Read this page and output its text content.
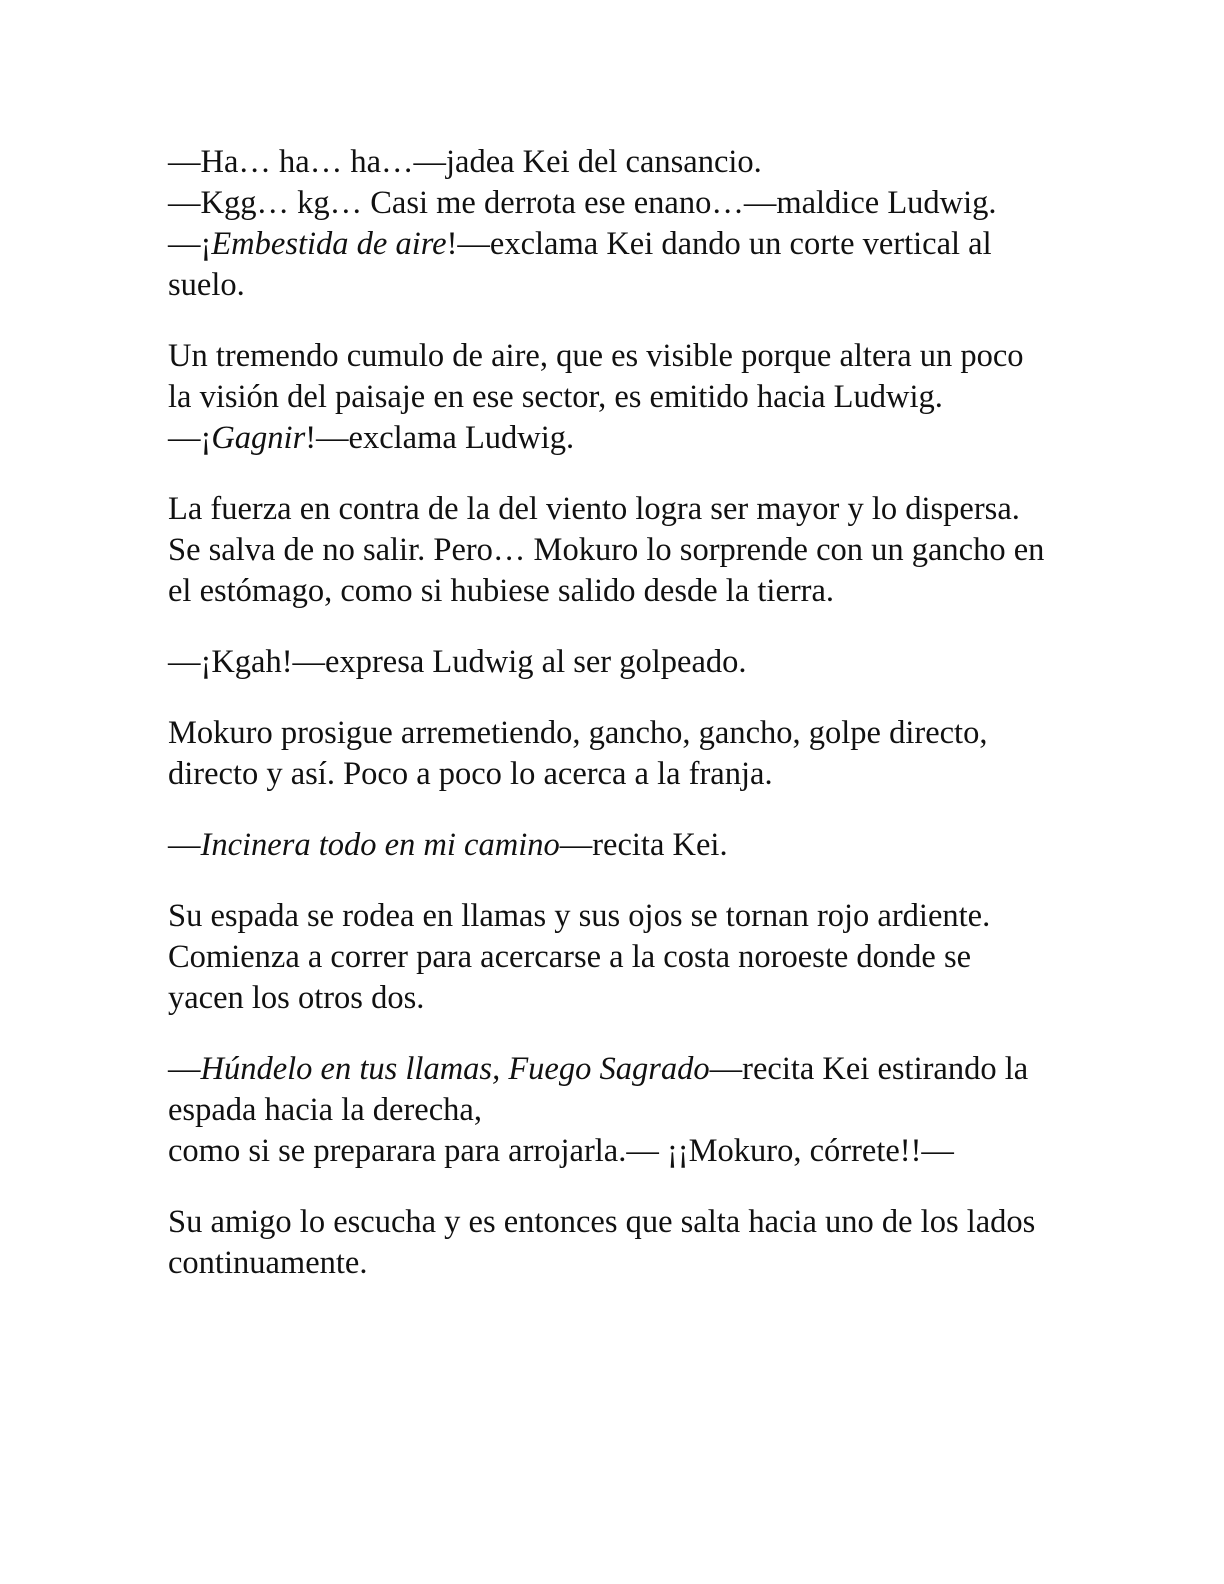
—Ha… ha… ha…—jadea Kei del cansancio.

—Kgg… kg… Casi me derrota ese enano…—maldice Ludwig.

—¡Embestida de aire!—exclama Kei dando un corte vertical al suelo.

Un tremendo cumulo de aire, que es visible porque altera un poco la visión del paisaje en ese sector, es emitido hacia Ludwig.

—¡Gagnir!—exclama Ludwig.

La fuerza en contra de la del viento logra ser mayor y lo dispersa. Se salva de no salir. Pero… Mokuro lo sorprende con un gancho en el estómago, como si hubiese salido desde la tierra.

—¡Kgah!—expresa Ludwig al ser golpeado.

Mokuro prosigue arremetiendo, gancho, gancho, golpe directo, directo y así. Poco a poco lo acerca a la franja.

—Incinera todo en mi camino—recita Kei.

Su espada se rodea en llamas y sus ojos se tornan rojo ardiente. Comienza a correr para acercarse a la costa noroeste donde se yacen los otros dos.

—Húndelo en tus llamas, Fuego Sagrado—recita Kei estirando la espada hacia la derecha,

como si se preparara para arrojarla.— ¡¡Mokuro, córrete!!—

Su amigo lo escucha y es entonces que salta hacia uno de los lados continuamente.
